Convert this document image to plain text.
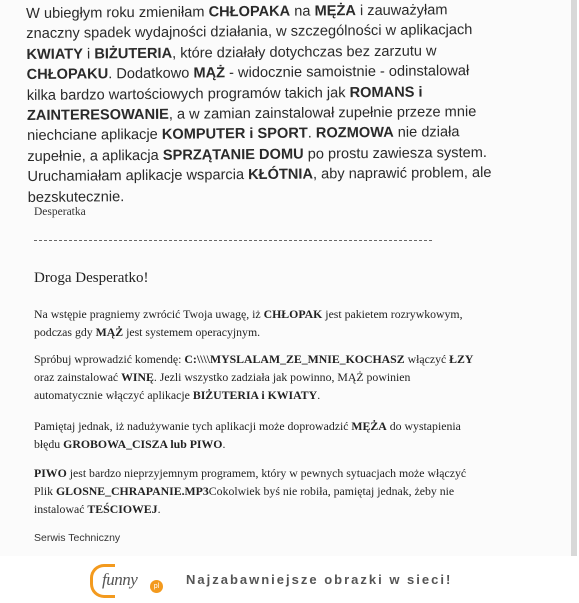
W ubiegłym roku zmieniłam CHŁOPAKA na MĘŻA i zauważyłam

znaczny spadek wydajności działania, w szczególności w aplikacjach

KWIATY i BIŻUTERIA, które działały dotychczas bez zarzutu w

CHŁOPAKU. Dodatkowo MĄŻ - widocznie samoistnie - odinstalował

kilka bardzo wartościowych programów takich jak ROMANS i

ZAINTERESOWANIE, a w zamian zainstalował zupełnie przeze mnie

niechciane aplikacje KOMPUTER i SPORT. ROZMOWA nie działa

zupełnie, a aplikacja SPRZĄTANIE DOMU po prostu zawiesza system.

Uruchamiałam aplikacje wsparcia KŁÓTNIA, aby naprawić problem, ale

bezskutecznie.

Desperatka
Droga Desperatko!

Na wstępie pragniemy zwrócić Twoja uwagę, iż CHŁOPAK jest pakietem rozrywkowym,
podczas gdy MĄŻ jest systemem operacyjnym.

Spróbuj wprowadzić komendę: C:\\\\MYSLALAM_ZE_MNIE_KOCHASZ włączyć ŁZY
oraz zainstalować WINĘ. Jezli wszystko zadziała jak powinno, MĄŻ powinien
automatycznie włączyć aplikacje BIŻUTERIA i KWIATY.

Pamiętaj jednak, iż nadużywanie tych aplikacji może doprowadzić MĘŻA do wystapienia
błędu GROBOWA_CISZA lub PIWO.

PIWO jest bardzo nieprzyjemnym programem, który w pewnych sytuacjach może włączyć
Plik GLOSNE_CHRAPANIE.MP3Cokolwiek byś nie robiła, pamiętaj jednak, żeby nie
instalować TEŚCIOWEJ.

Serwis Techniczny
funny	pl Najzabawniejsze obrazki w sieci!
